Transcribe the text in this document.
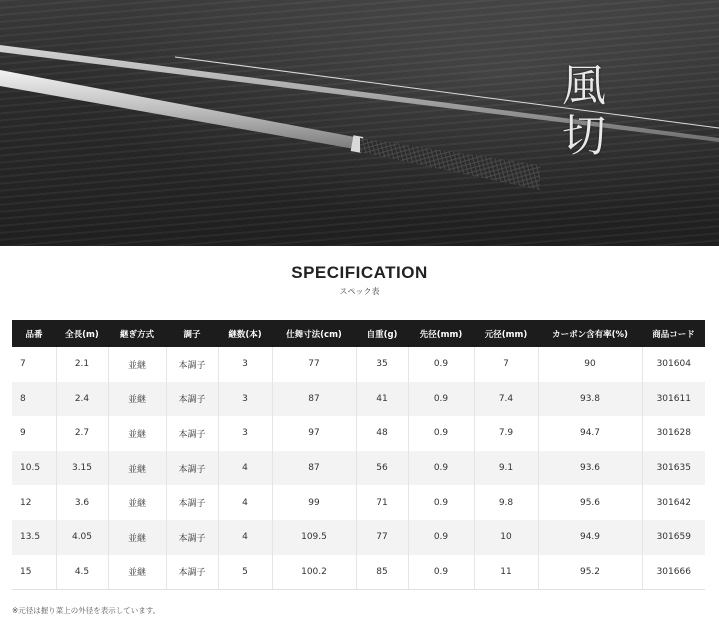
風切
SPECIFICATION
スペック表
品番	全長(m)	継ぎ方式	調子	継数(本)	仕舞寸法(cm)	自重(g)	先径(mm)	元径(mm)	カーボン含有率(%)	商品コード
7	2.1	並継	本調子	3	77	35	0.9	7	90	301604
8	2.4	並継	本調子	3	87	41	0.9	7.4	93.8	301611
9	2.7	並継	本調子	3	97	48	0.9	7.9	94.7	301628
10.5	3.15	並継	本調子	4	87	56	0.9	9.1	93.6	301635
12	3.6	並継	本調子	4	99	71	0.9	9.8	95.6	301642
13.5	4.05	並継	本調子	4	109.5	77	0.9	10	94.9	301659
15	4.5	並継	本調子	5	100.2	85	0.9	11	95.2	301666
※元径は握り菜上の外径を表示しています。
